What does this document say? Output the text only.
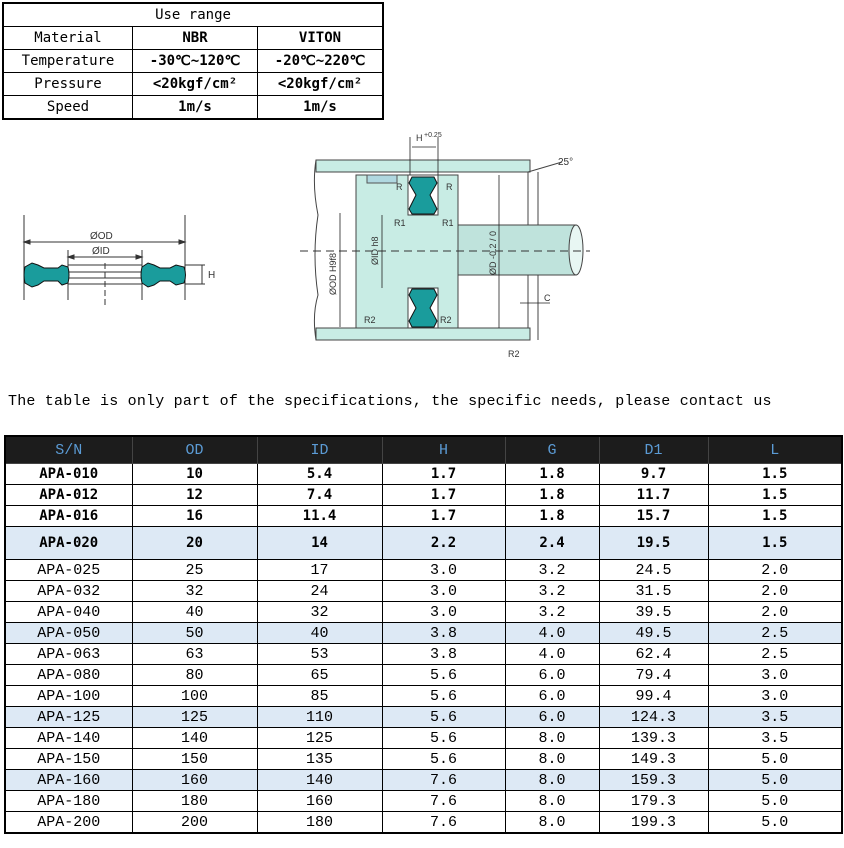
Use range		
Material	NBR	VITON
Temperature	-30℃~120℃	-20℃~220℃
Pressure	<20kgf/cm²	<20kgf/cm²
Speed	1m/s	1m/s
ØOD
ØID
H
H +0.25
25°
R	R
R1	R1
R2	R2
R2
C
ØOD H9f8
ØID h8	ØD -0.2 / 0
The table is only part of the specifications, the specific needs, please contact us
S/N	OD	ID	H	G	D1	L
APA-010	10	5.4	1.7	1.8	9.7	1.5
APA-012	12	7.4	1.7	1.8	11.7	1.5
APA-016	16	11.4	1.7	1.8	15.7	1.5
APA-020	20	14	2.2	2.4	19.5	1.5
APA-025	25	17	3.0	3.2	24.5	2.0
APA-032	32	24	3.0	3.2	31.5	2.0
APA-040	40	32	3.0	3.2	39.5	2.0
APA-050	50	40	3.8	4.0	49.5	2.5
APA-063	63	53	3.8	4.0	62.4	2.5
APA-080	80	65	5.6	6.0	79.4	3.0
APA-100	100	85	5.6	6.0	99.4	3.0
APA-125	125	110	5.6	6.0	124.3	3.5
APA-140	140	125	5.6	8.0	139.3	3.5
APA-150	150	135	5.6	8.0	149.3	5.0
APA-160	160	140	7.6	8.0	159.3	5.0
APA-180	180	160	7.6	8.0	179.3	5.0
APA-200	200	180	7.6	8.0	199.3	5.0
